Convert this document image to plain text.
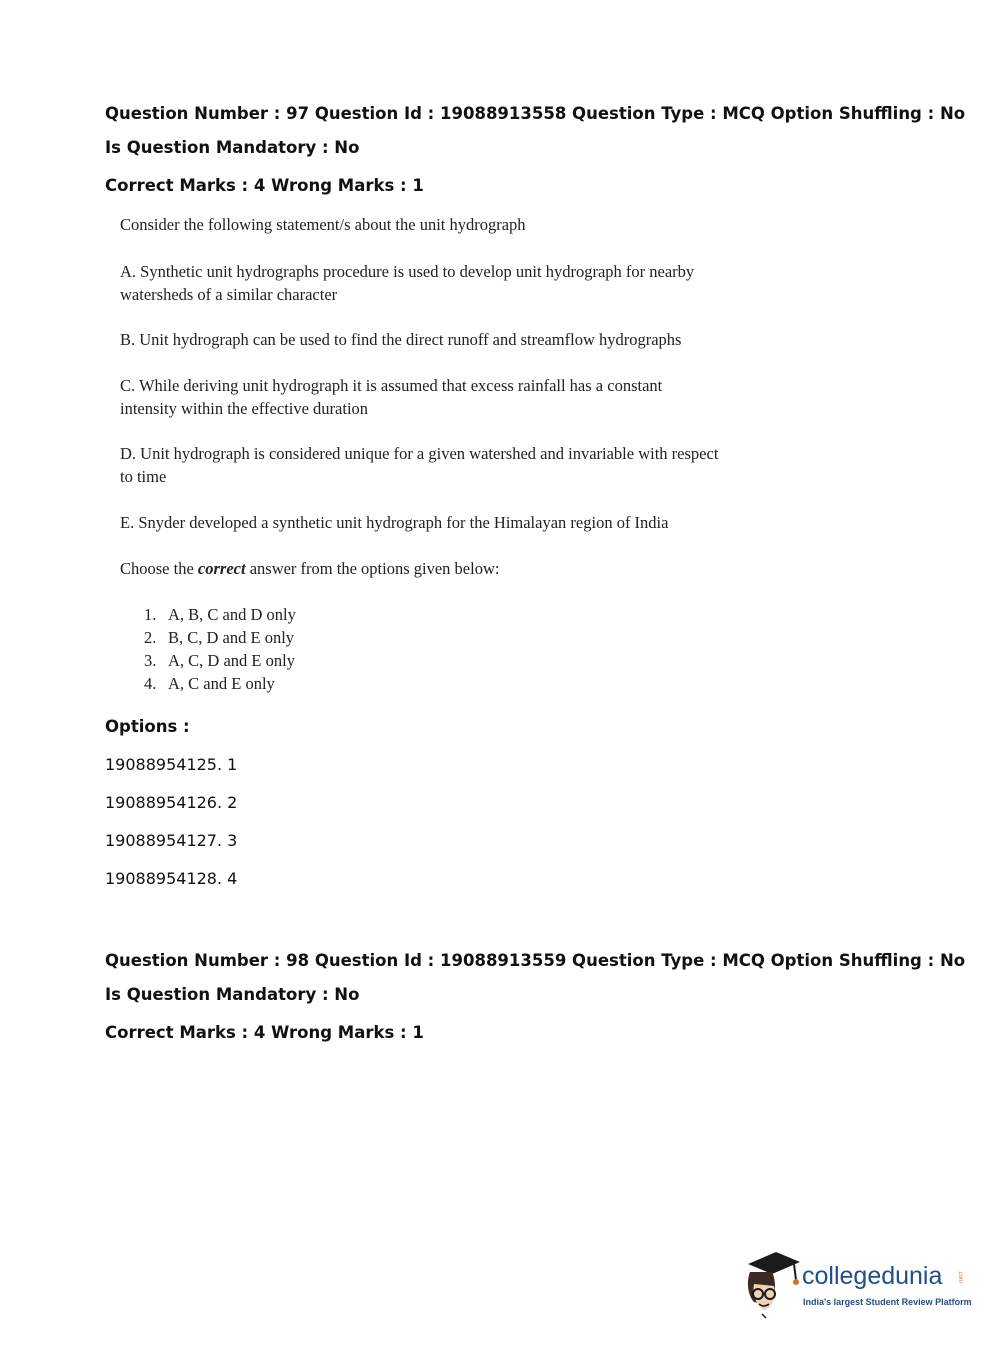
Question Number : 97 Question Id : 19088913558 Question Type : MCQ Option Shuffling : No
Is Question Mandatory : No
Correct Marks : 4 Wrong Marks : 1
Consider the following statement/s about the unit hydrograph
A. Synthetic unit hydrographs procedure is used to develop unit hydrograph for nearby watersheds of a similar character
B. Unit hydrograph can be used to find the direct runoff and streamflow hydrographs
C. While deriving unit hydrograph it is assumed that excess rainfall has a constant intensity within the effective duration
D. Unit hydrograph is considered unique for a given watershed and invariable with respect to time
E. Snyder developed a synthetic unit hydrograph for the Himalayan region of India
Choose the correct answer from the options given below:
1. A, B, C and D only
2. B, C, D and E only
3. A, C, D and E only
4. A, C and E only
Options :
19088954125. 1
19088954126. 2
19088954127. 3
19088954128. 4
Question Number : 98 Question Id : 19088913559 Question Type : MCQ Option Shuffling : No
Is Question Mandatory : No
Correct Marks : 4 Wrong Marks : 1
collegedunia .com
India's largest Student Review Platform
